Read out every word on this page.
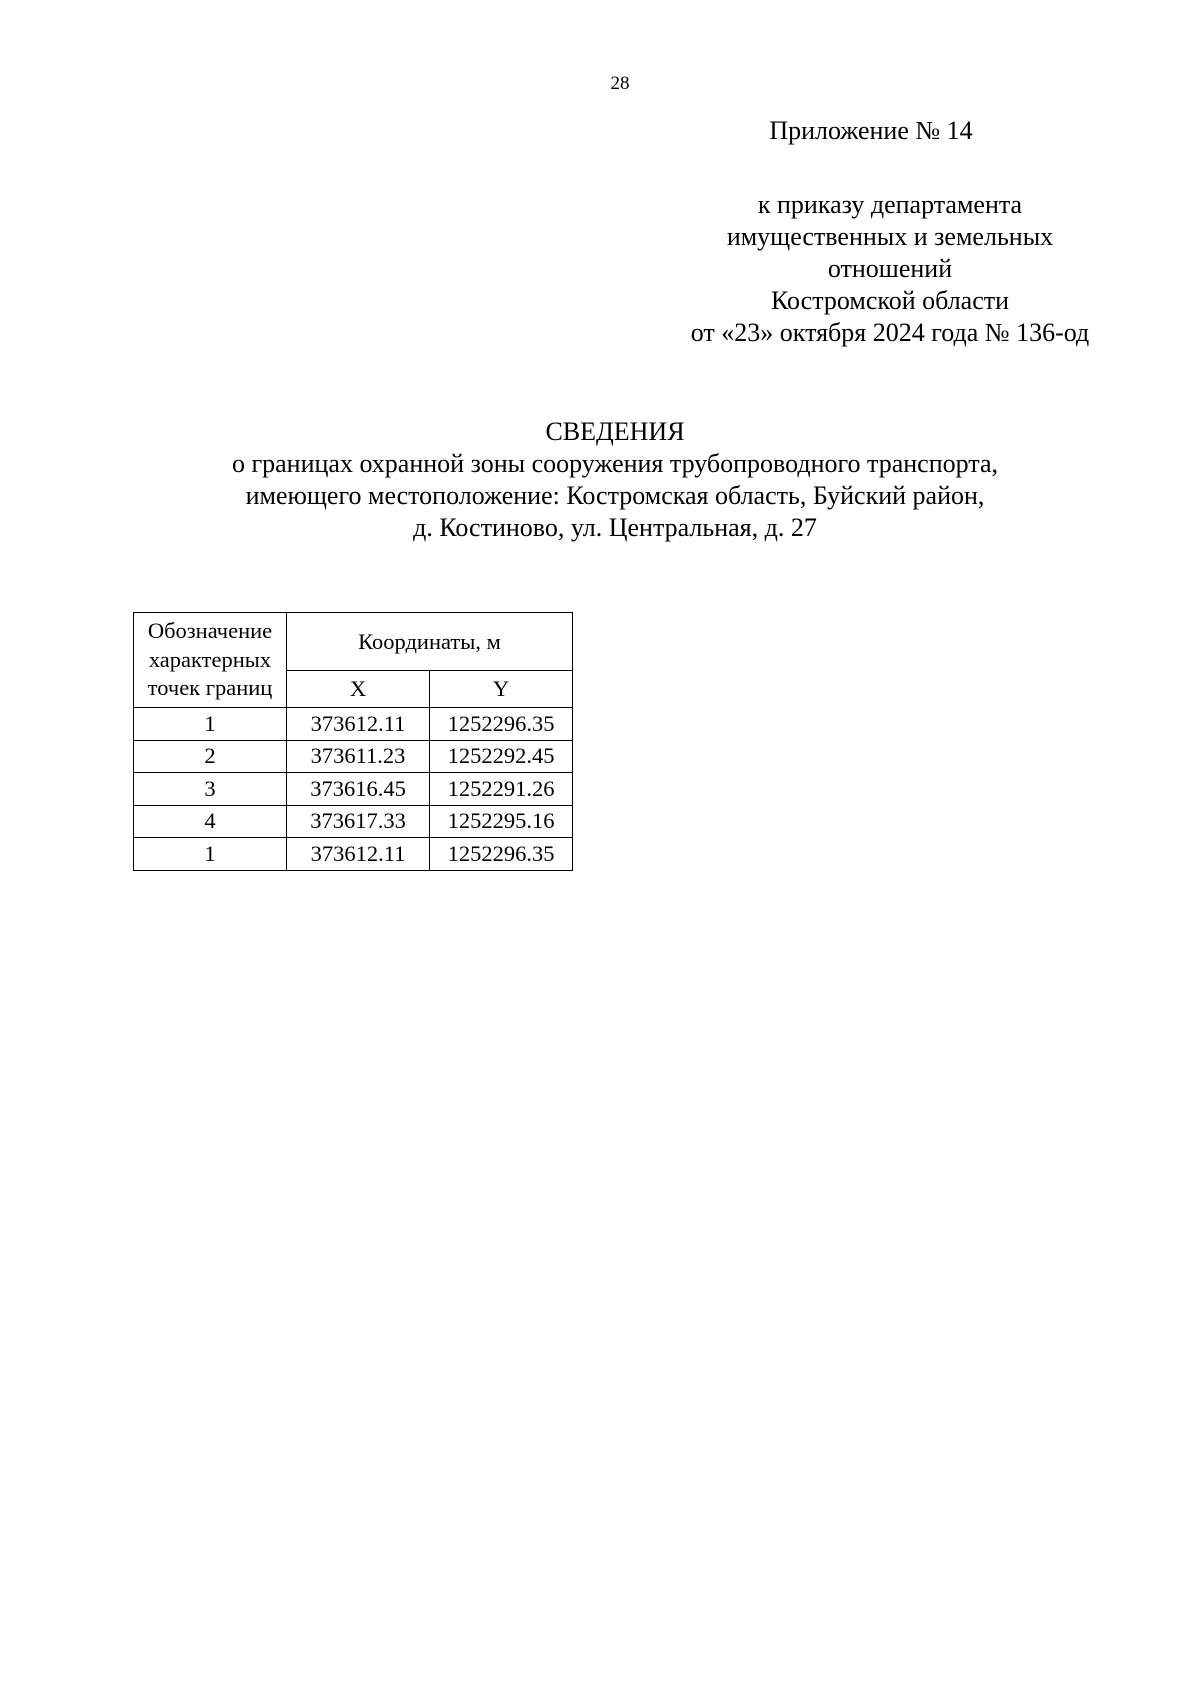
28
Приложение № 14
к приказу департамента
имущественных и земельных
отношений
Костромской области
от «23» октября 2024 года № 136-од
СВЕДЕНИЯ
о границах охранной зоны сооружения трубопроводного транспорта,
имеющего местоположение: Костромская область, Буйский район,
д. Костиново, ул. Центральная, д. 27
Обозначение
характерных
точек границ	Координаты, м	
	X	Y
1	373612.11	1252296.35
2	373611.23	1252292.45
3	373616.45	1252291.26
4	373617.33	1252295.16
1	373612.11	1252296.35
